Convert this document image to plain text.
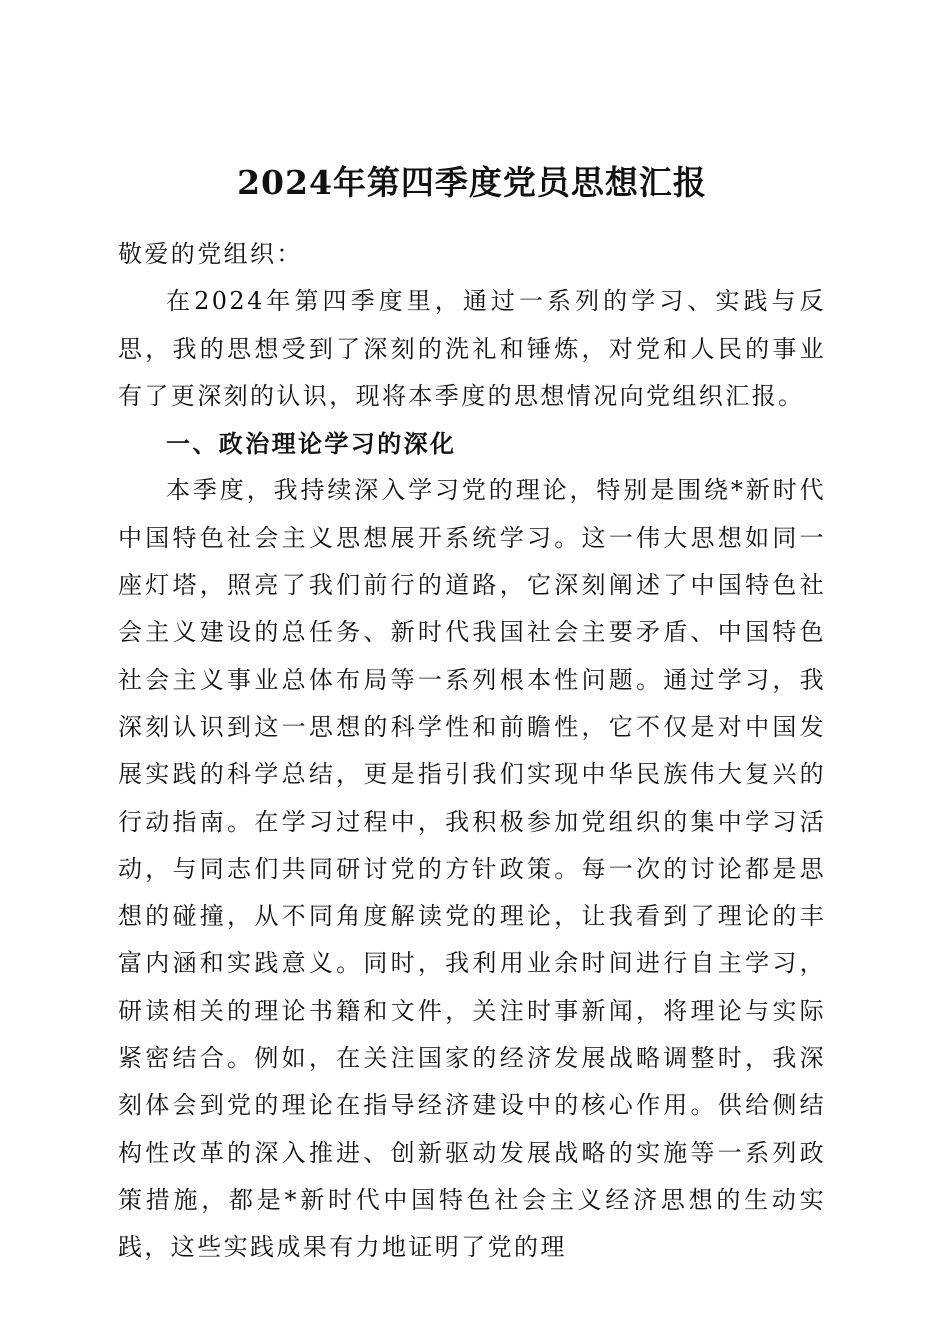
2024年第四季度党员思想汇报

敬爱的党组织：

在2024年第四季度里，通过一系列的学习、实践与反思，我的思想受到了深刻的洗礼和锤炼，对党和人民的事业有了更深刻的认识，现将本季度的思想情况向党组织汇报。

一、政治理论学习的深化

本季度，我持续深入学习党的理论，特别是围绕*新时代中国特色社会主义思想展开系统学习。这一伟大思想如同一座灯塔，照亮了我们前行的道路，它深刻阐述了中国特色社会主义建设的总任务、新时代我国社会主要矛盾、中国特色社会主义事业总体布局等一系列根本性问题。通过学习，我深刻认识到这一思想的科学性和前瞻性，它不仅是对中国发展实践的科学总结，更是指引我们实现中华民族伟大复兴的行动指南。在学习过程中，我积极参加党组织的集中学习活动，与同志们共同研讨党的方针政策。每一次的讨论都是思想的碰撞，从不同角度解读党的理论，让我看到了理论的丰富内涵和实践意义。同时，我利用业余时间进行自主学习，研读相关的理论书籍和文件，关注时事新闻，将理论与实际紧密结合。例如，在关注国家的经济发展战略调整时，我深刻体会到党的理论在指导经济建设中的核心作用。供给侧结构性改革的深入推进、创新驱动发展战略的实施等一系列政策措施，都是*新时代中国特色社会主义经济思想的生动实践，这些实践成果有力地证明了党的理
